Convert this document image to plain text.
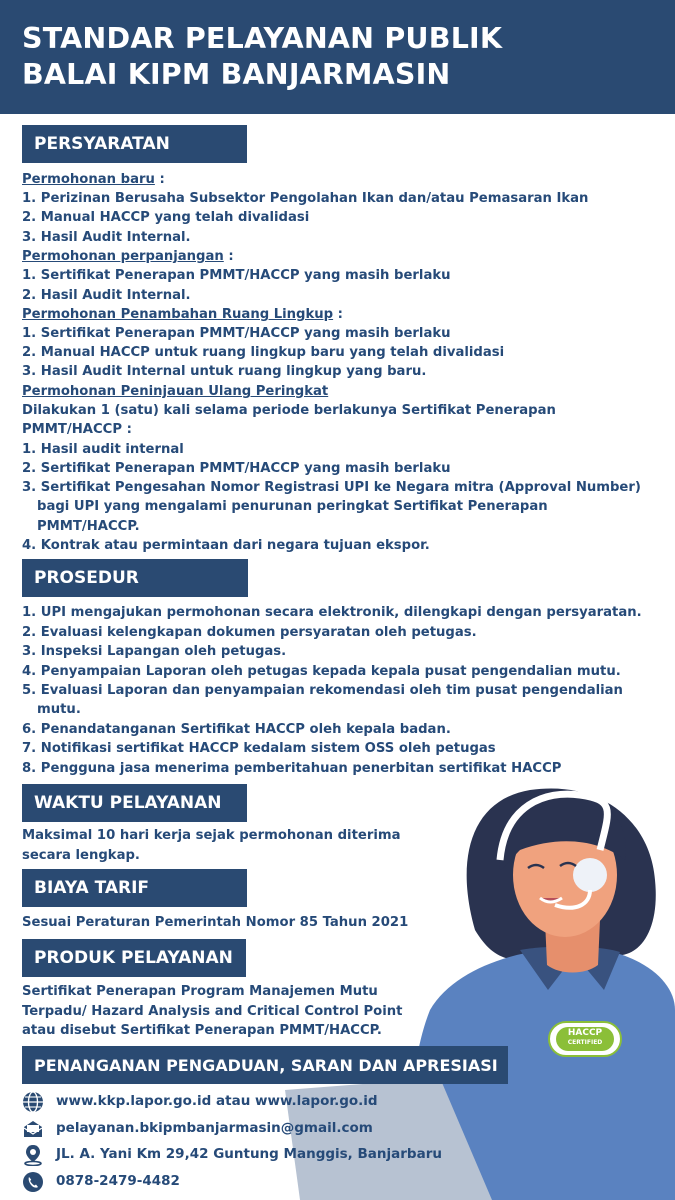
STANDAR PELAYANAN PUBLIK
BALAI KIPM BANJARMASIN
PERSYARATAN
Permohonan baru :
1. Perizinan Berusaha Subsektor Pengolahan Ikan dan/atau Pemasaran Ikan
2. Manual HACCP yang telah divalidasi
3. Hasil Audit Internal.
Permohonan perpanjangan :
1. Sertifikat Penerapan PMMT/HACCP yang masih berlaku
2. Hasil Audit Internal.
Permohonan Penambahan Ruang Lingkup :
1. Sertifikat Penerapan PMMT/HACCP yang masih berlaku
2. Manual HACCP untuk ruang lingkup baru yang telah divalidasi
3. Hasil Audit Internal untuk ruang lingkup yang baru.
Permohonan Peninjauan Ulang Peringkat
Dilakukan 1 (satu) kali selama periode berlakunya Sertifikat Penerapan
PMMT/HACCP :
1. Hasil audit internal
2. Sertifikat Penerapan PMMT/HACCP yang masih berlaku
3. Sertifikat Pengesahan Nomor Registrasi UPI ke Negara mitra (Approval Number)
bagi UPI yang mengalami penurunan peringkat Sertifikat Penerapan
PMMT/HACCP.
4. Kontrak atau permintaan dari negara tujuan ekspor.
PROSEDUR
1. UPI mengajukan permohonan secara elektronik, dilengkapi dengan persyaratan.
2. Evaluasi kelengkapan dokumen persyaratan oleh petugas.
3. Inspeksi Lapangan oleh petugas.
4. Penyampaian Laporan oleh petugas kepada kepala pusat pengendalian mutu.
5. Evaluasi Laporan dan penyampaian rekomendasi oleh tim pusat pengendalian
mutu.
6. Penandatanganan Sertifikat HACCP oleh kepala badan.
7. Notifikasi sertifikat HACCP kedalam sistem OSS oleh petugas
8. Pengguna jasa menerima pemberitahuan penerbitan sertifikat HACCP
WAKTU PELAYANAN
Maksimal 10 hari kerja sejak permohonan diterima
secara lengkap.
BIAYA TARIF
Sesuai Peraturan Pemerintah Nomor 85 Tahun 2021
PRODUK PELAYANAN
Sertifikat Penerapan Program Manajemen Mutu
Terpadu/ Hazard Analysis and Critical Control Point
atau disebut Sertifikat Penerapan PMMT/HACCP.	HACCP
CERTIFIED
PENANGANAN PENGADUAN, SARAN DAN APRESIASI
www.kkp.lapor.go.id atau www.lapor.go.id
pelayanan.bkipmbanjarmasin@gmail.com
JL. A. Yani Km 29,42 Guntung Manggis, Banjarbaru
0878-2479-4482
